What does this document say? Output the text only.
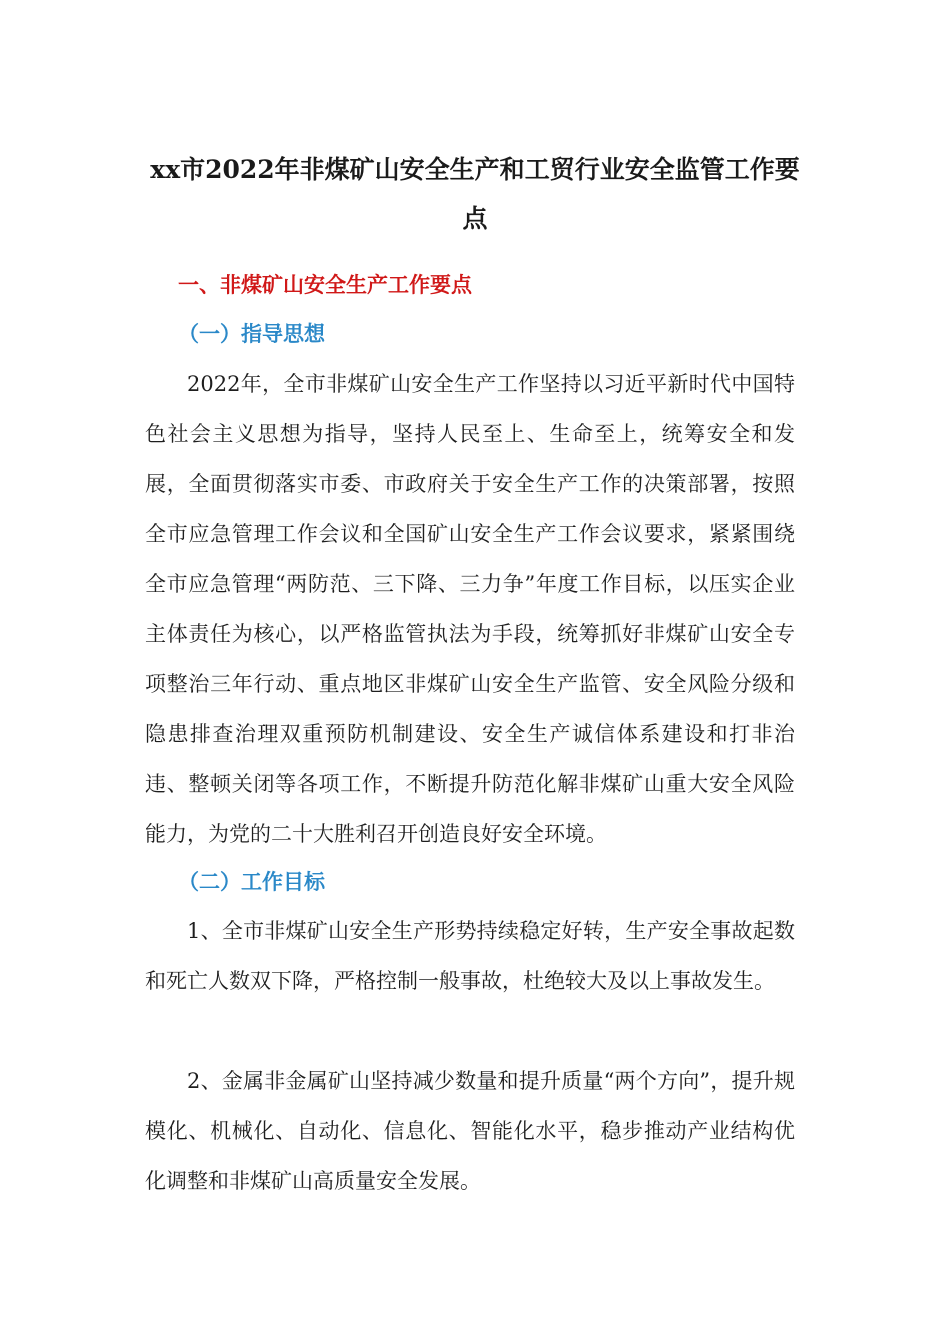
xx市2022年非煤矿山安全生产和工贸行业安全监管工作要
点
一、非煤矿山安全生产工作要点
（一）指导思想

2022年，全市非煤矿山安全生产工作坚持以习近平新时代中国特色社会主义思想为指导，坚持人民至上、生命至上，统筹安全和发展，全面贯彻落实市委、市政府关于安全生产工作的决策部署，按照全市应急管理工作会议和全国矿山安全生产工作会议要求，紧紧围绕全市应急管理“两防范、三下降、三力争”年度工作目标，以压实企业主体责任为核心，以严格监管执法为手段，统筹抓好非煤矿山安全专项整治三年行动、重点地区非煤矿山安全生产监管、安全风险分级和隐患排查治理双重预防机制建设、安全生产诚信体系建设和打非治违、整顿关闭等各项工作，不断提升防范化解非煤矿山重大安全风险能力，为党的二十大胜利召开创造良好安全环境。

（二）工作目标

1、全市非煤矿山安全生产形势持续稳定好转，生产安全事故起数和死亡人数双下降，严格控制一般事故，杜绝较大及以上事故发生。

2、金属非金属矿山坚持减少数量和提升质量“两个方向”，提升规模化、机械化、自动化、信息化、智能化水平，稳步推动产业结构优化调整和非煤矿山高质量安全发展。
